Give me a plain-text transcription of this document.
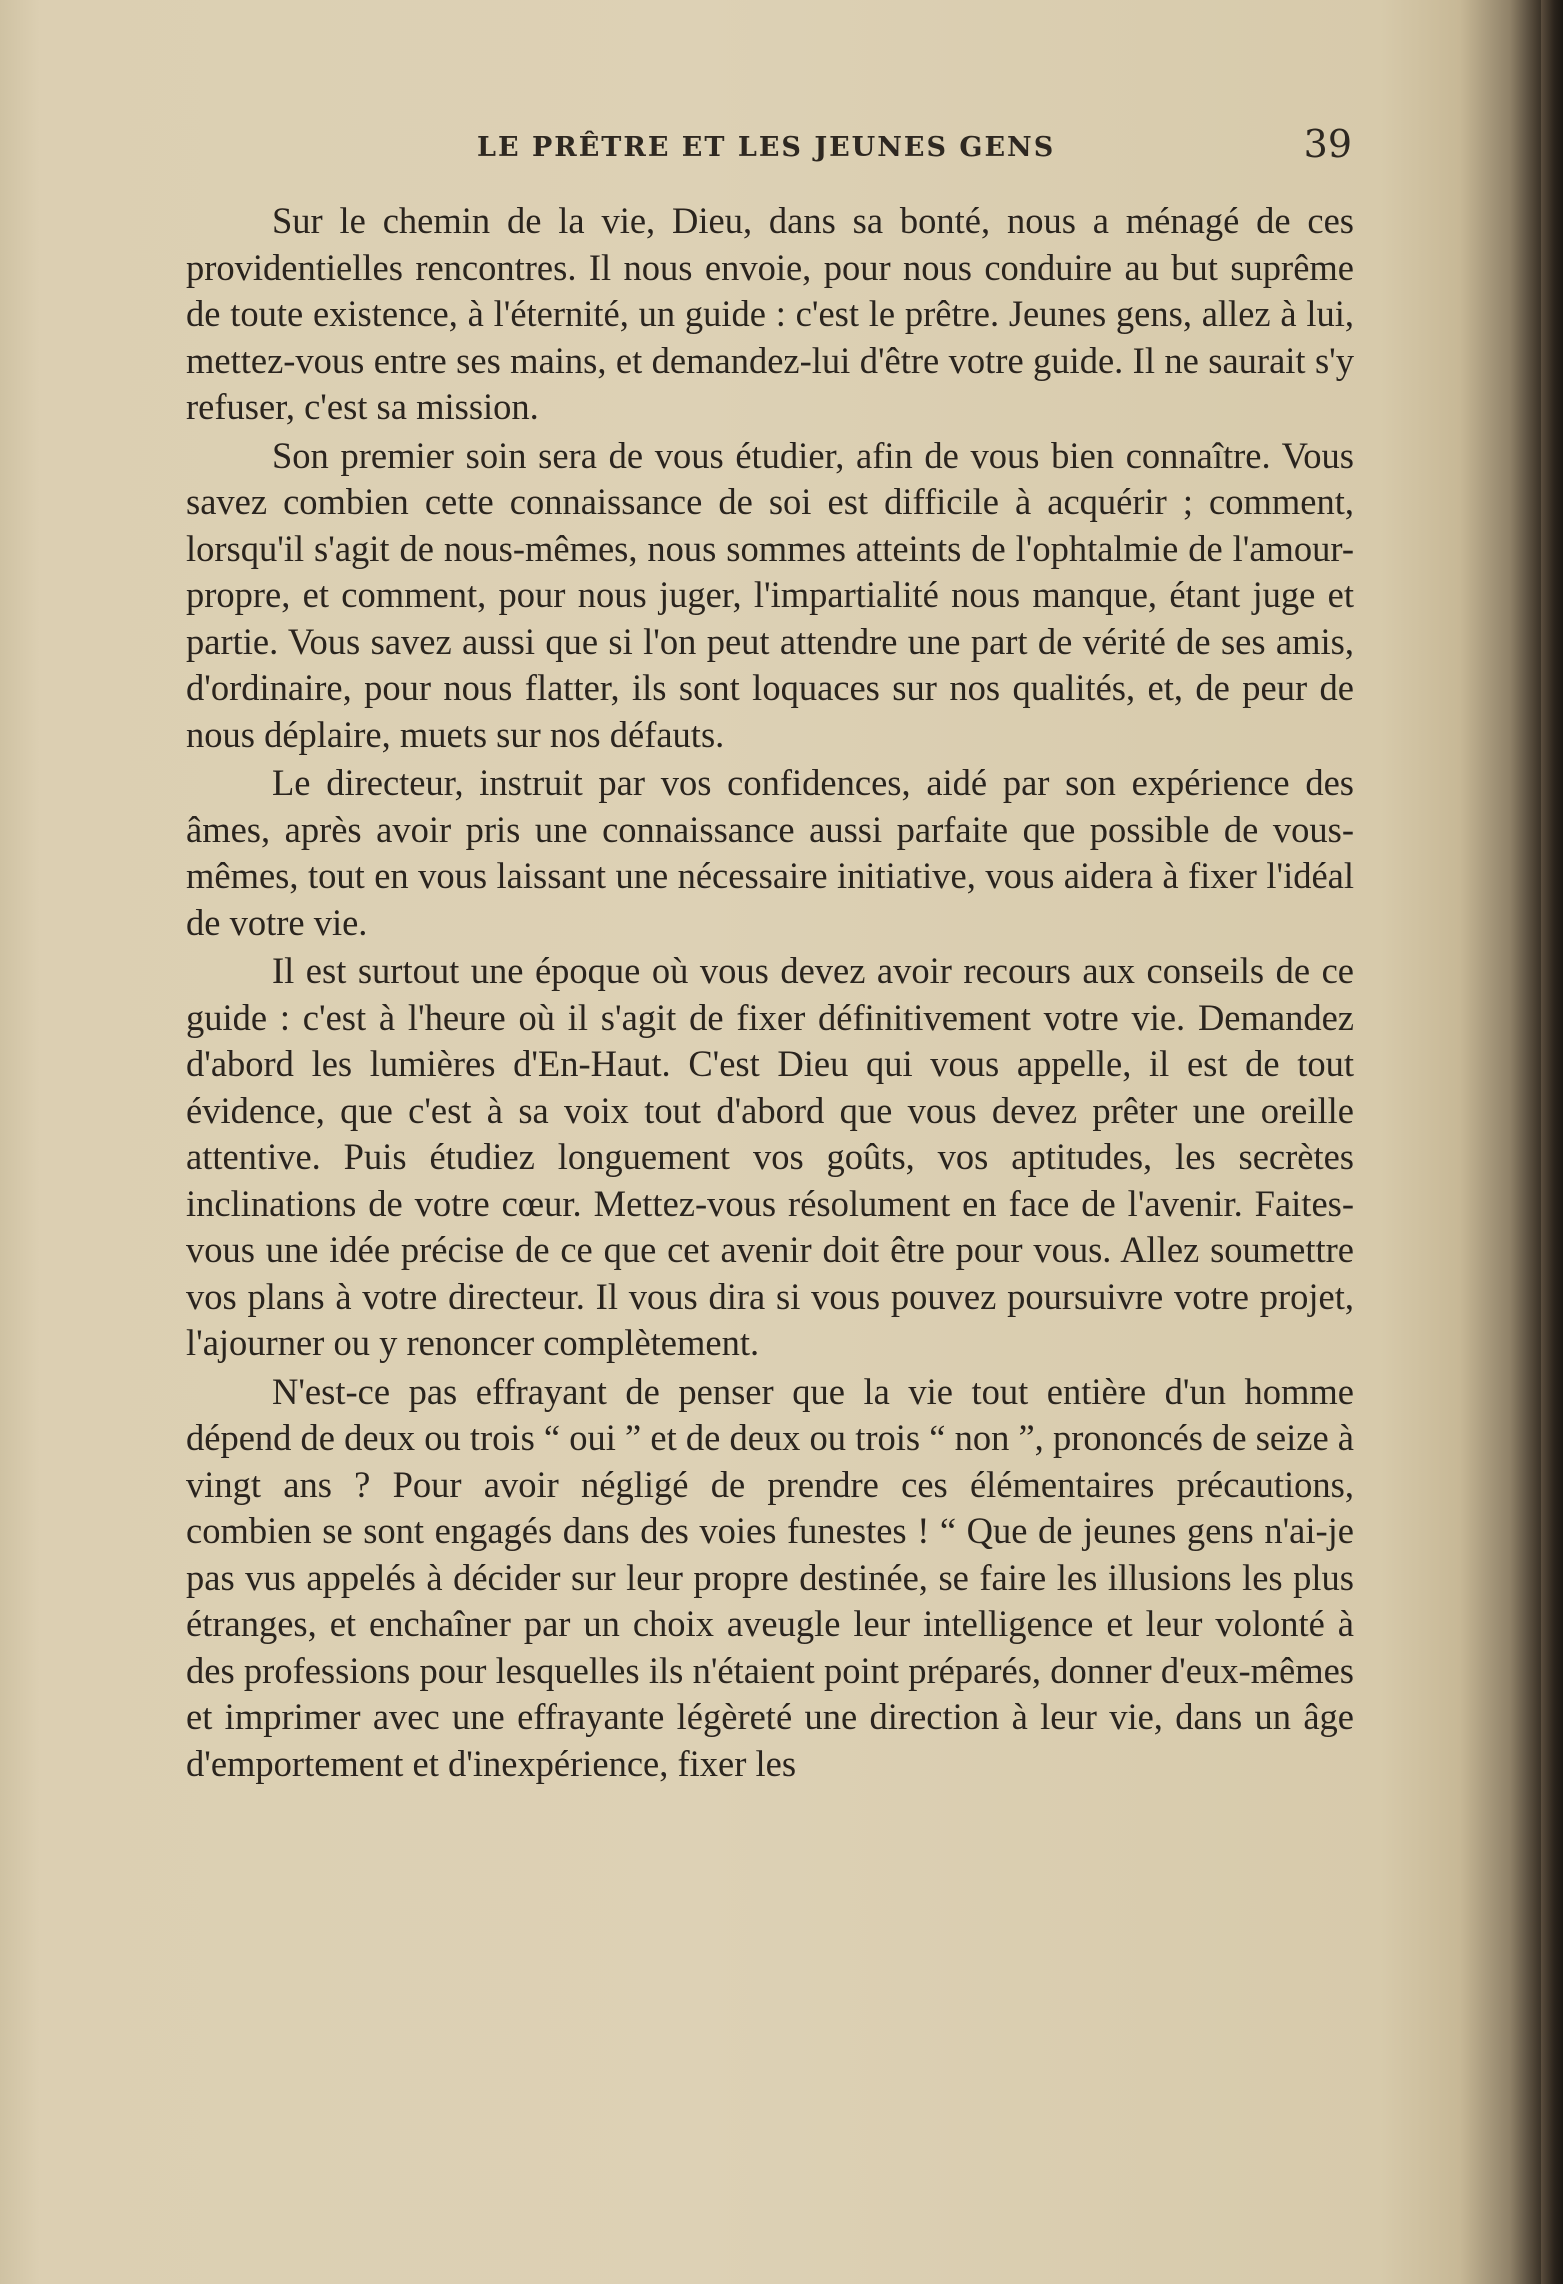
LE PRÊTRE ET LES JEUNES GENS	39

Sur le chemin de la vie, Dieu, dans sa bonté, nous a ménagé de ces providentielles rencontres. Il nous envoie, pour nous conduire au but suprême de toute existence, à l'éternité, un guide : c'est le prêtre. Jeunes gens, allez à lui, mettez-vous entre ses mains, et demandez-lui d'être votre guide. Il ne saurait s'y refuser, c'est sa mission.

Son premier soin sera de vous étudier, afin de vous bien connaître. Vous savez combien cette connaissance de soi est difficile à acquérir ; comment, lorsqu'il s'agit de nous-mêmes, nous sommes atteints de l'ophtalmie de l'amour-propre, et comment, pour nous juger, l'impartialité nous manque, étant juge et partie. Vous savez aussi que si l'on peut attendre une part de vérité de ses amis, d'ordinaire, pour nous flatter, ils sont loquaces sur nos qualités, et, de peur de nous déplaire, muets sur nos défauts.

Le directeur, instruit par vos confidences, aidé par son expérience des âmes, après avoir pris une connaissance aussi parfaite que possible de vous-mêmes, tout en vous laissant une nécessaire initiative, vous aidera à fixer l'idéal de votre vie.

Il est surtout une époque où vous devez avoir recours aux conseils de ce guide : c'est à l'heure où il s'agit de fixer définitivement votre vie. Demandez d'abord les lumières d'En-Haut. C'est Dieu qui vous appelle, il est de tout évidence, que c'est à sa voix tout d'abord que vous devez prêter une oreille attentive. Puis étudiez longuement vos goûts, vos aptitudes, les secrètes inclinations de votre cœur. Mettez-vous résolument en face de l'avenir. Faites-vous une idée précise de ce que cet avenir doit être pour vous. Allez soumettre vos plans à votre directeur. Il vous dira si vous pouvez poursuivre votre projet, l'ajourner ou y renoncer complètement.

N'est-ce pas effrayant de penser que la vie tout entière d'un homme dépend de deux ou trois “ oui ” et de deux ou trois “ non ”, prononcés de seize à vingt ans ? Pour avoir négligé de prendre ces élémentaires précautions, combien se sont engagés dans des voies funestes ! “ Que de jeunes gens n'ai-je pas vus appelés à décider sur leur propre destinée, se faire les illusions les plus étranges, et enchaîner par un choix aveugle leur intelligence et leur volonté à des professions pour lesquelles ils n'étaient point préparés, donner d'eux-mêmes et imprimer avec une effrayante légèreté une direction à leur vie, dans un âge d'emportement et d'inexpérience, fixer les
